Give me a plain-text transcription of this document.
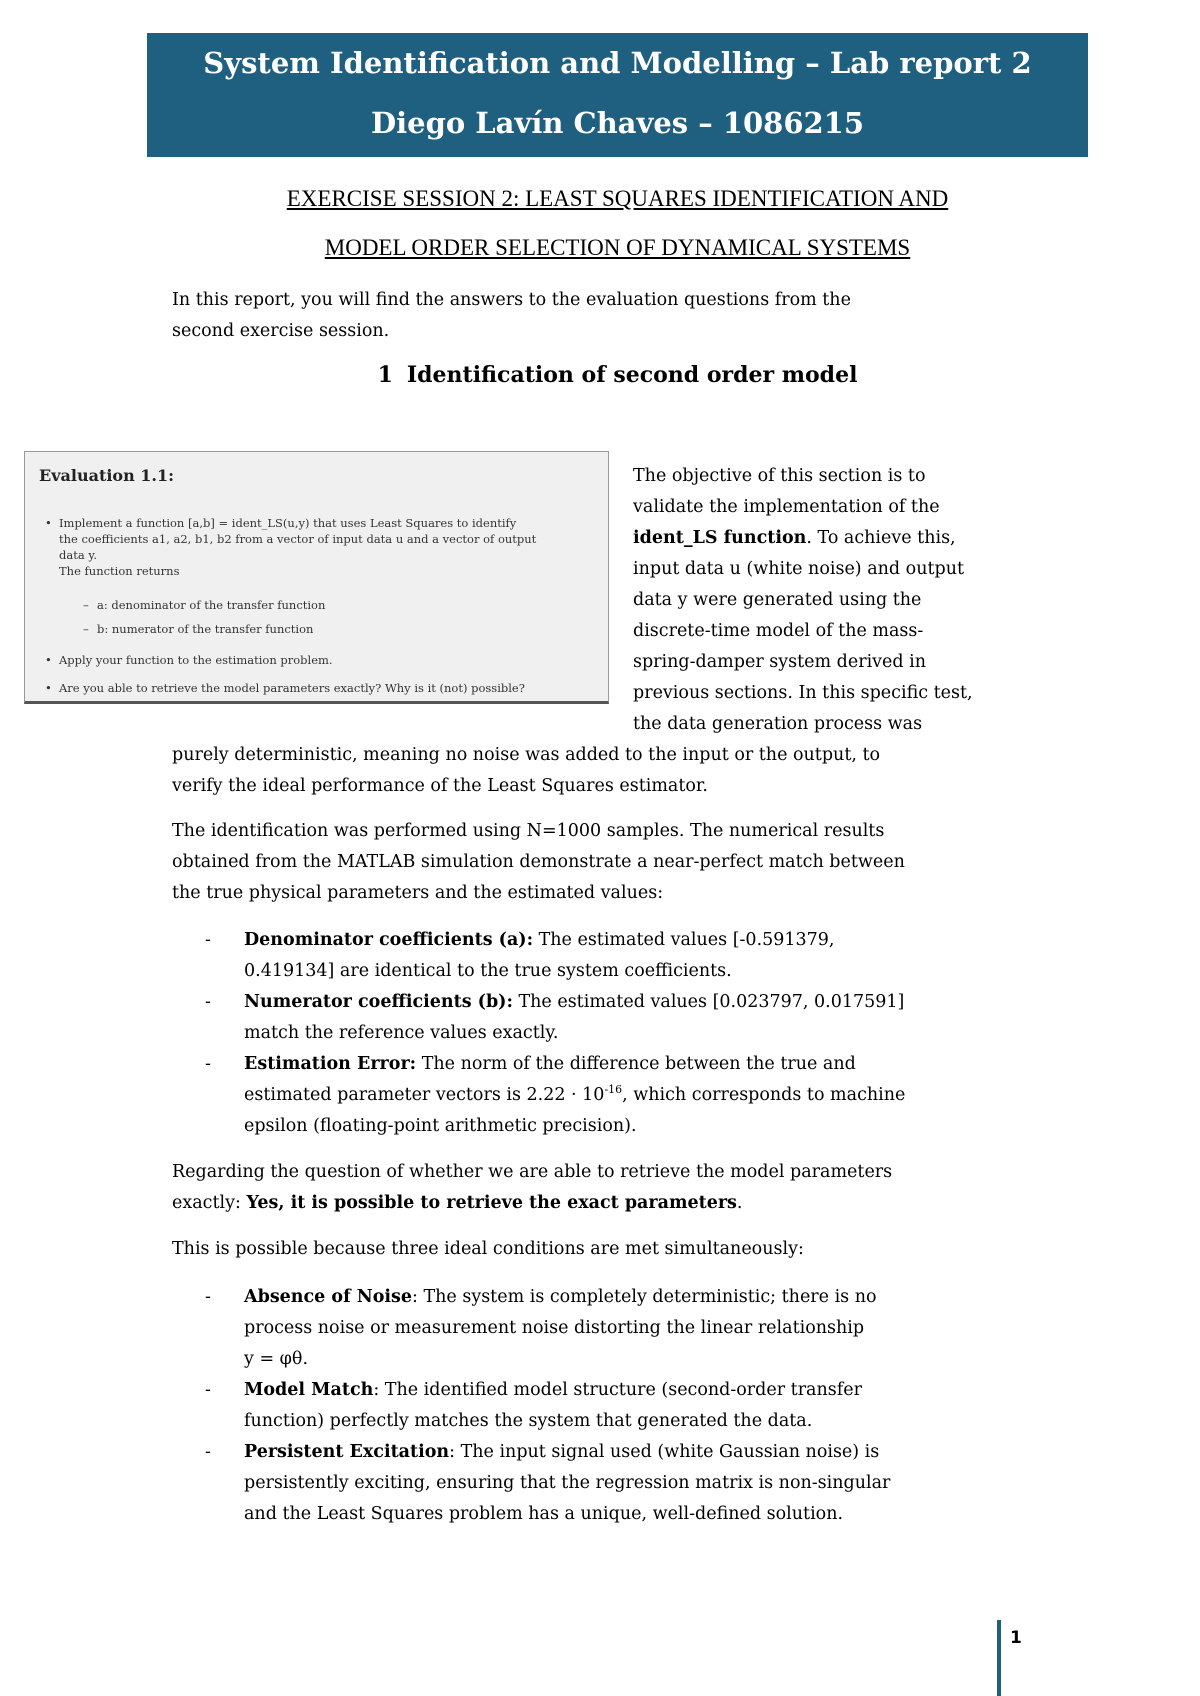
System Identification and Modelling – Lab report 2
Diego Lavín Chaves – 1086215
EXERCISE SESSION 2: LEAST SQUARES IDENTIFICATION AND
MODEL ORDER SELECTION OF DYNAMICAL SYSTEMS
In this report, you will find the answers to the evaluation questions from the
second exercise session.
1 Identification of second order model
Evaluation 1.1:
• Implement a function [a,b] = ident_LS(u,y) that uses Least Squares to identify
the coefficients a1, a2, b1, b2 from a vector of input data u and a vector of output
data y.
The function returns
– a: denominator of the transfer function
– b: numerator of the transfer function
• Apply your function to the estimation problem.
• Are you able to retrieve the model parameters exactly? Why is it (not) possible?
The objective of this section is to
validate the implementation of the
ident_LS function. To achieve this,
input data u (white noise) and output
data y were generated using the
discrete-time model of the mass-
spring-damper system derived in
previous sections. In this specific test,
the data generation process was
purely deterministic, meaning no noise was added to the input or the output, to
verify the ideal performance of the Least Squares estimator.
The identification was performed using N=1000 samples. The numerical results
obtained from the MATLAB simulation demonstrate a near-perfect match between
the true physical parameters and the estimated values:
- Denominator coefficients (a): The estimated values [-0.591379,
0.419134] are identical to the true system coefficients.
- Numerator coefficients (b): The estimated values [0.023797, 0.017591]
match the reference values exactly.
- Estimation Error: The norm of the difference between the true and
estimated parameter vectors is $2.22 \cdot 10^{-16}$, which corresponds to machine
epsilon (floating-point arithmetic precision).
Regarding the question of whether we are able to retrieve the model parameters
exactly: Yes, it is possible to retrieve the exact parameters.
This is possible because three ideal conditions are met simultaneously:
- Absence of Noise: The system is completely deterministic; there is no
process noise or measurement noise distorting the linear relationship
y = φθ.
- Model Match: The identified model structure (second-order transfer
function) perfectly matches the system that generated the data.
- Persistent Excitation: The input signal used (white Gaussian noise) is
persistently exciting, ensuring that the regression matrix is non-singular
and the Least Squares problem has a unique, well-defined solution.
1
